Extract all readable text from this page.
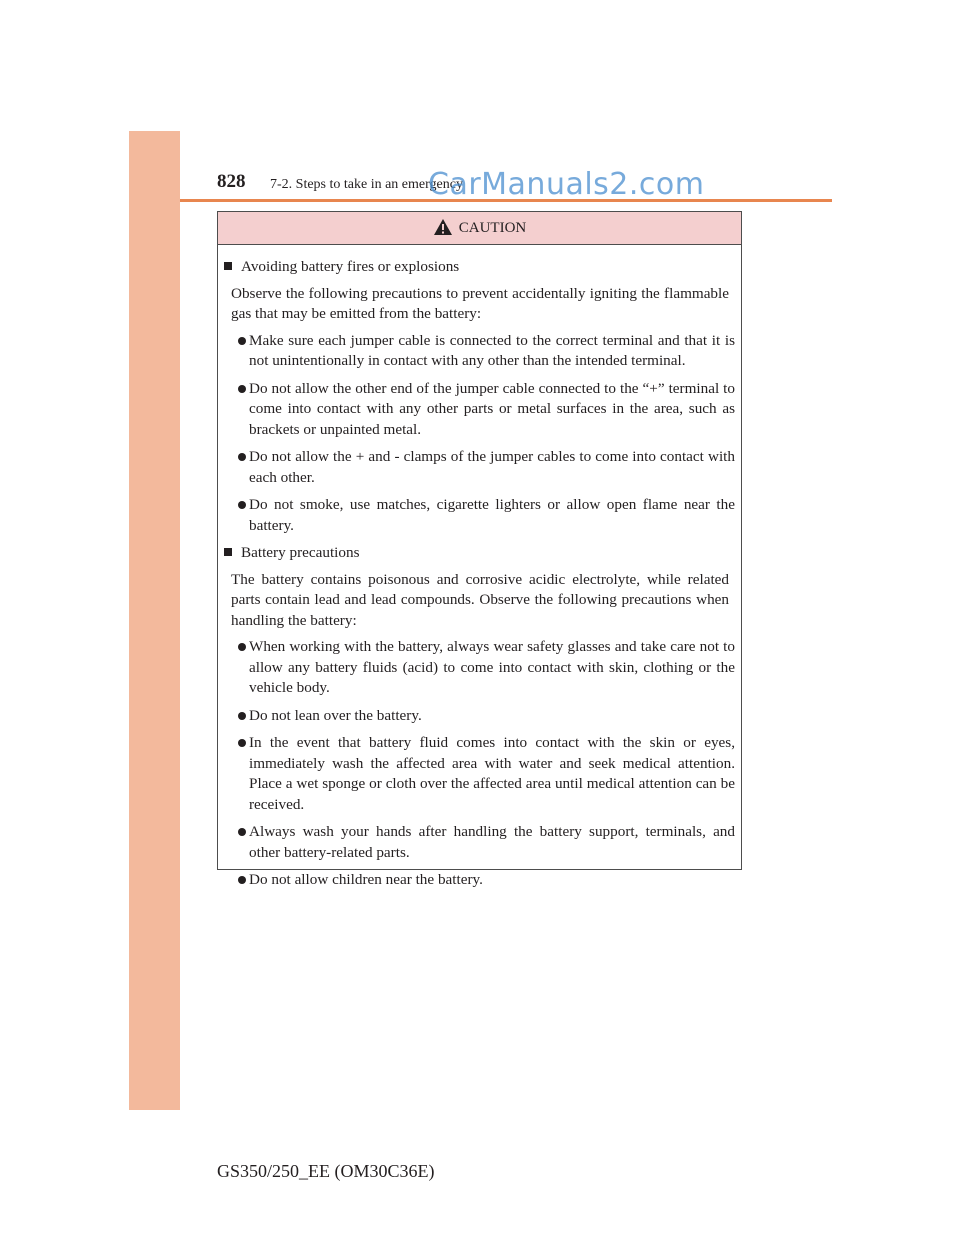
828 7-2. Steps to take in an emergency
CarManuals2.com
CAUTION
Avoiding battery fires or explosions
Observe the following precautions to prevent accidentally igniting the flammable gas that may be emitted from the battery:
Make sure each jumper cable is connected to the correct terminal and that it is not unintentionally in contact with any other than the intended terminal.
Do not allow the other end of the jumper cable connected to the “+” terminal to come into contact with any other parts or metal surfaces in the area, such as brackets or unpainted metal.
Do not allow the + and - clamps of the jumper cables to come into contact with each other.
Do not smoke, use matches, cigarette lighters or allow open flame near the battery.
Battery precautions
The battery contains poisonous and corrosive acidic electrolyte, while related parts contain lead and lead compounds. Observe the following precautions when handling the battery:
When working with the battery, always wear safety glasses and take care not to allow any battery fluids (acid) to come into contact with skin, clothing or the vehicle body.
Do not lean over the battery.
In the event that battery fluid comes into contact with the skin or eyes, immediately wash the affected area with water and seek medical attention. Place a wet sponge or cloth over the affected area until medical attention can be received.
Always wash your hands after handling the battery support, terminals, and other battery-related parts.
Do not allow children near the battery.
GS350/250_EE (OM30C36E)
